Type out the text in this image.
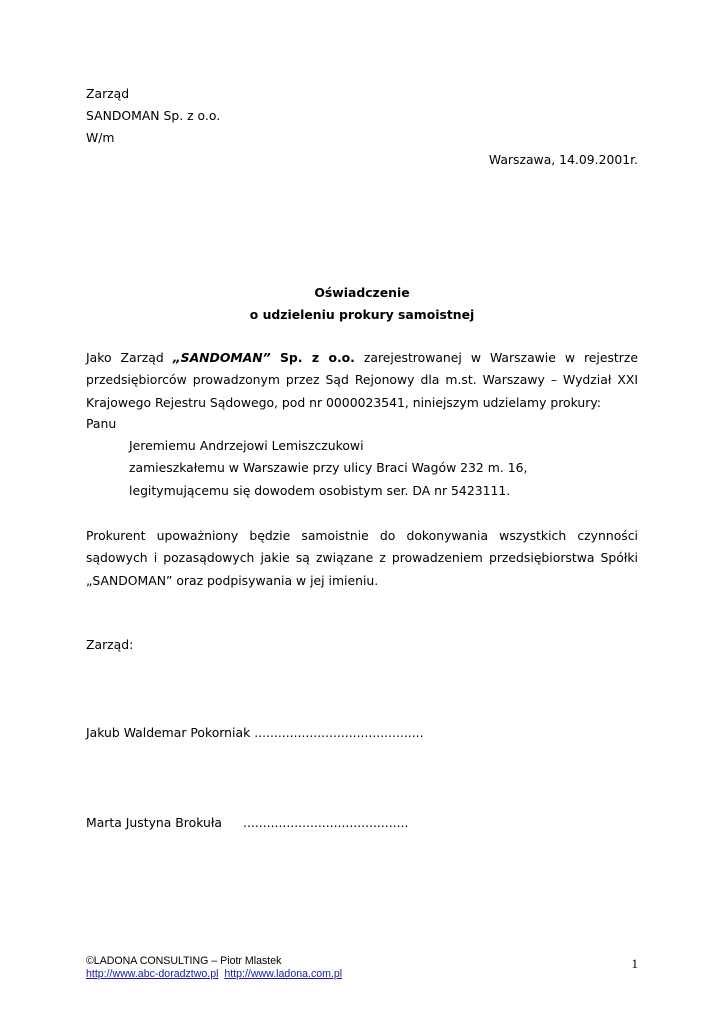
Zarząd
SANDOMAN Sp. z o.o.
W/m
Warszawa, 14.09.2001r.
Oświadczenie
o udzieleniu prokury samoistnej
Jako Zarząd „SANDOMAN” Sp. z o.o. zarejestrowanej w Warszawie w rejestrze przedsiębiorców prowadzonym przez Sąd Rejonowy dla m.st. Warszawy – Wydział XXI Krajowego Rejestru Sądowego, pod nr 0000023541, niniejszym udzielamy prokury:
Panu
Jeremiemu Andrzejowi Lemiszczukowi
zamieszkałemu w Warszawie przy ulicy Braci Wagów 232 m. 16,
legitymującemu się dowodem osobistym ser. DA nr 5423111.
Prokurent upoważniony będzie samoistnie do dokonywania wszystkich czynności sądowych i pozasądowych jakie są związane z prowadzeniem przedsiębiorstwa Spółki „SANDOMAN” oraz podpisywania w jej imieniu.
Zarząd:
Jakub Waldemar Pokorniak ...........................................
Marta Justyna Brokuła ..........................................
©LADONA CONSULTING – Piotr Mlastek
http://www.abc-doradztwo.pl http://www.ladona.com.pl
1
